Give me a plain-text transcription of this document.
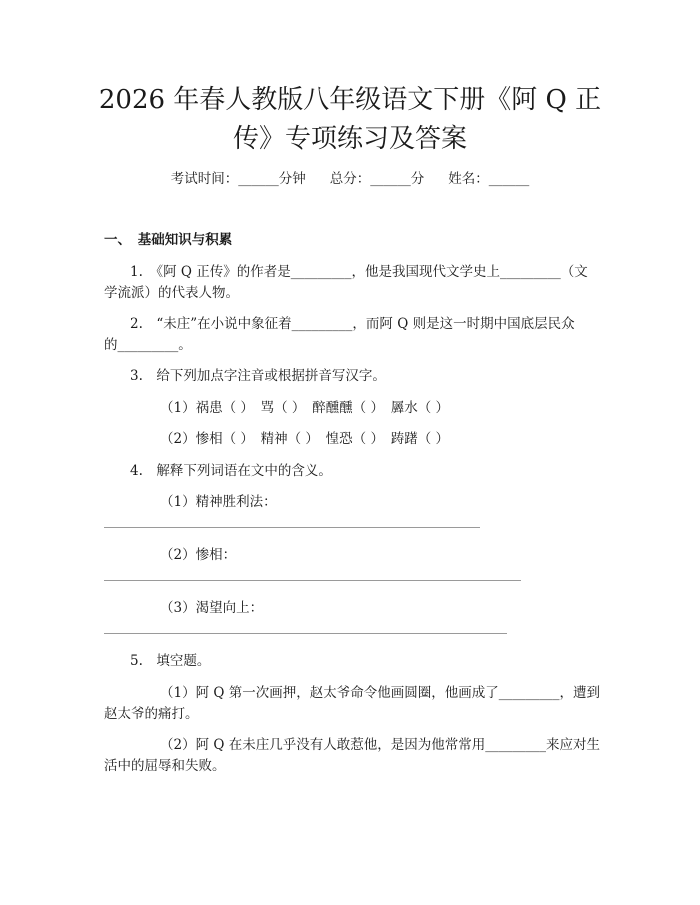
2026 年春人教版八年级语文下册《阿 Q 正
传》专项练习及答案
考试时间：______分钟 总分：______分 姓名：______
一、　基础知识与积累
1.　《阿 Q 正传》的作者是_________，他是我国现代文学史上_________（文
学流派）的代表人物。
2.　“未庄”在小说中象征着_________，而阿 Q 则是这一时期中国底层民众
的_________。
3.　给下列加点字注音或根据拼音写汉字。
（1）祸患（ ）　骂（ ）　醉醺醺（ ）　羼水（ ）
（2）惨相（ ）　精神（ ）　惶恐（ ）　踌躇（ ）
4.　解释下列词语在文中的含义。
（1）精神胜利法：
（2）惨相：
（3）渴望向上：
5.　填空题。
（1）阿 Q 第一次画押，赵太爷命令他画圆圈，他画成了_________，遭到
赵太爷的痛打。
（2）阿 Q 在未庄几乎没有人敢惹他，是因为他常常用_________来应对生
活中的屈辱和失败。
